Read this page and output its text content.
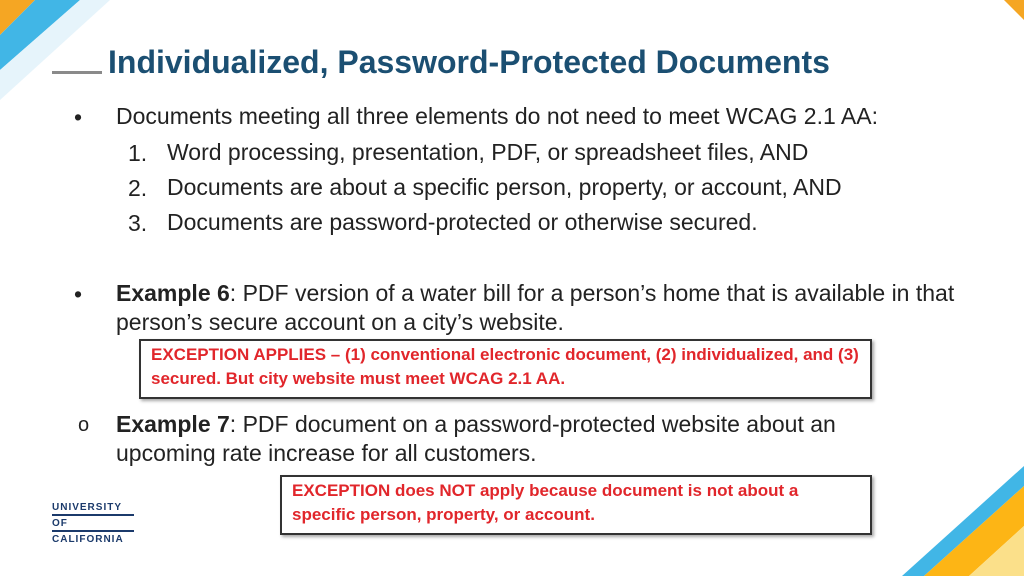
Individualized, Password-Protected Documents
• Documents meeting all three elements do not need to meet WCAG 2.1 AA:
1. Word processing, presentation, PDF, or spreadsheet files, AND
2. Documents are about a specific person, property, or account, AND
3. Documents are password-protected or otherwise secured.
• Example 6: PDF version of a water bill for a person’s home that is available in that person’s secure account on a city’s website.
EXCEPTION APPLIES – (1) conventional electronic document, (2) individualized, and (3) secured. But city website must meet WCAG 2.1 AA.
o Example 7: PDF document on a password-protected website about an upcoming rate increase for all customers.
EXCEPTION does NOT apply because document is not about a specific person, property, or account.
UNIVERSITY
OF
CALIFORNIA
